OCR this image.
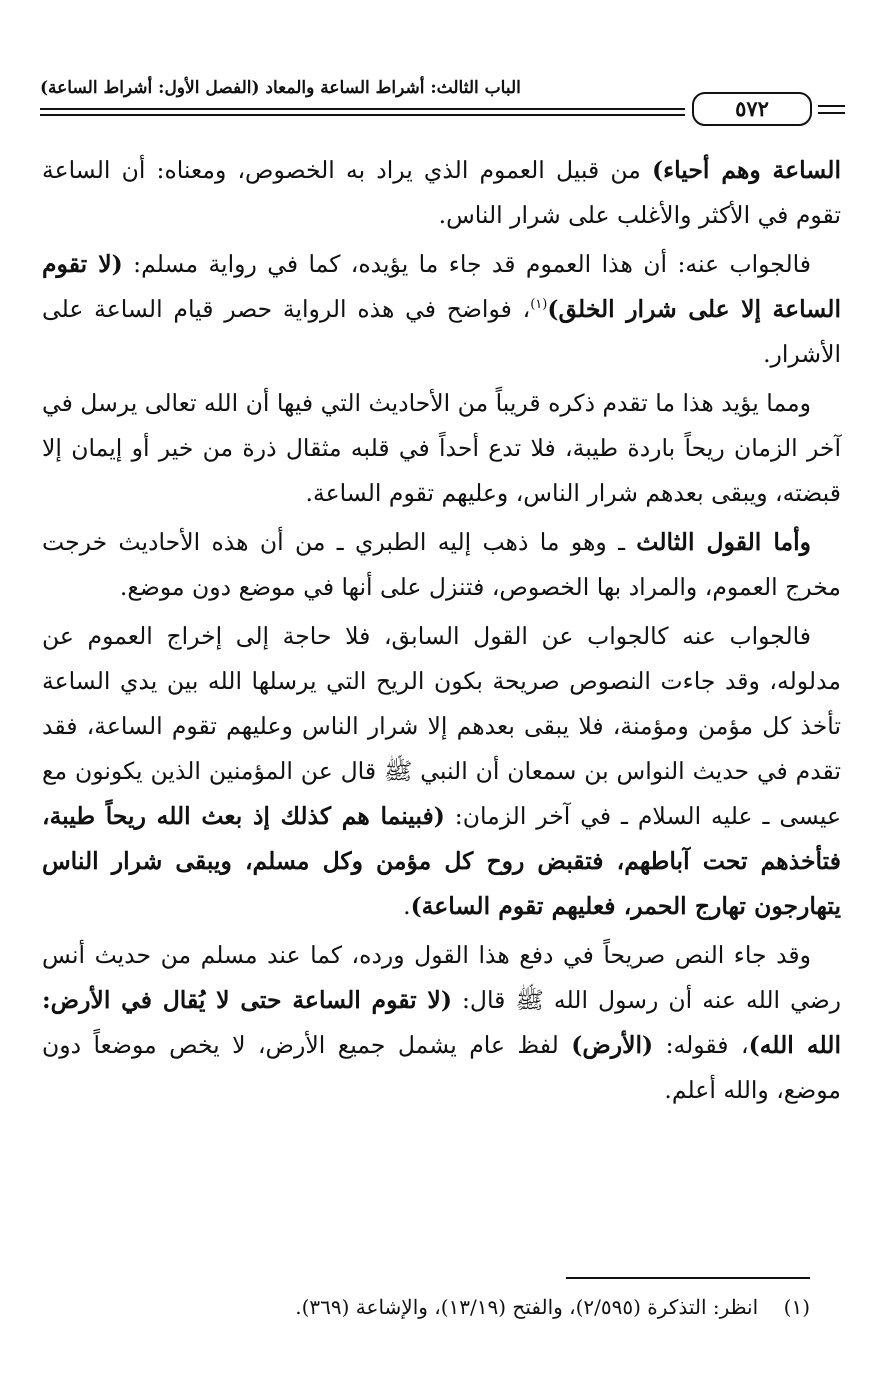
الباب الثالث: أشراط الساعة والمعاد (الفصل الأول: أشراط الساعة)
٥٧٢

الساعة وهم أحياء) من قبيل العموم الذي يراد به الخصوص، ومعناه: أن الساعة تقوم في الأكثر والأغلب على شرار الناس.

فالجواب عنه: أن هذا العموم قد جاء ما يؤيده، كما في رواية مسلم: (لا تقوم الساعة إلا على شرار الخلق)$^{(١)}$، فواضح في هذه الرواية حصر قيام الساعة على الأشرار.

ومما يؤيد هذا ما تقدم ذكره قريباً من الأحاديث التي فيها أن الله تعالى يرسل في آخر الزمان ريحاً باردة طيبة، فلا تدع أحداً في قلبه مثقال ذرة من خير أو إيمان إلا قبضته، ويبقى بعدهم شرار الناس، وعليهم تقوم الساعة.

وأما القول الثالث ـ وهو ما ذهب إليه الطبري ـ من أن هذه الأحاديث خرجت مخرج العموم، والمراد بها الخصوص، فتنزل على أنها في موضع دون موضع.

فالجواب عنه كالجواب عن القول السابق، فلا حاجة إلى إخراج العموم عن مدلوله، وقد جاءت النصوص صريحة بكون الريح التي يرسلها الله بين يدي الساعة تأخذ كل مؤمن ومؤمنة، فلا يبقى بعدهم إلا شرار الناس وعليهم تقوم الساعة، فقد تقدم في حديث النواس بن سمعان أن النبي ﷺ قال عن المؤمنين الذين يكونون مع عيسى ـ عليه السلام ـ في آخر الزمان: (فبينما هم كذلك إذ بعث الله ريحاً طيبة، فتأخذهم تحت آباطهم، فتقبض روح كل مؤمن وكل مسلم، ويبقى شرار الناس يتهارجون تهارج الحمر، فعليهم تقوم الساعة).

وقد جاء النص صريحاً في دفع هذا القول ورده، كما عند مسلم من حديث أنس رضي الله عنه أن رسول الله ﷺ قال: (لا تقوم الساعة حتى لا يُقال في الأرض: الله الله)، فقوله: (الأرض) لفظ عام يشمل جميع الأرض، لا يخص موضعاً دون موضع، والله أعلم.

(١)    انظر: التذكرة (٢/٥٩٥)، والفتح (١٣/١٩)، والإشاعة (٣٦٩).
